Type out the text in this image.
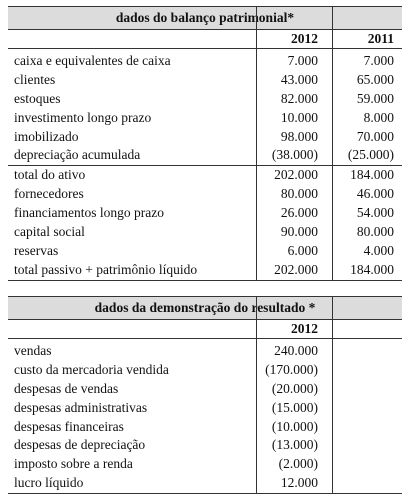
dados do balanço patrimonial*
2012	2011
caixa e equivalentes de caixa	7.000	7.000
clientes	43.000	65.000
estoques	82.000	59.000
investimento longo prazo	10.000	8.000
imobilizado	98.000	70.000
depreciação acumulada	(38.000) (25.000)
total do ativo	202.000 184.000
fornecedores	80.000	46.000
financiamentos longo prazo	26.000	54.000
capital social	90.000	80.000
reservas	6.000	4.000
total passivo + patrimônio líquido	202.000 184.000
dados da demonstração do resultado *
2012
vendas	240.000
custo da mercadoria vendida	(170.000)
despesas de vendas	(20.000)
despesas administrativas	(15.000)
despesas financeiras	(10.000)
despesas de depreciação	(13.000)
imposto sobre a renda	(2.000)
lucro líquido	12.000
